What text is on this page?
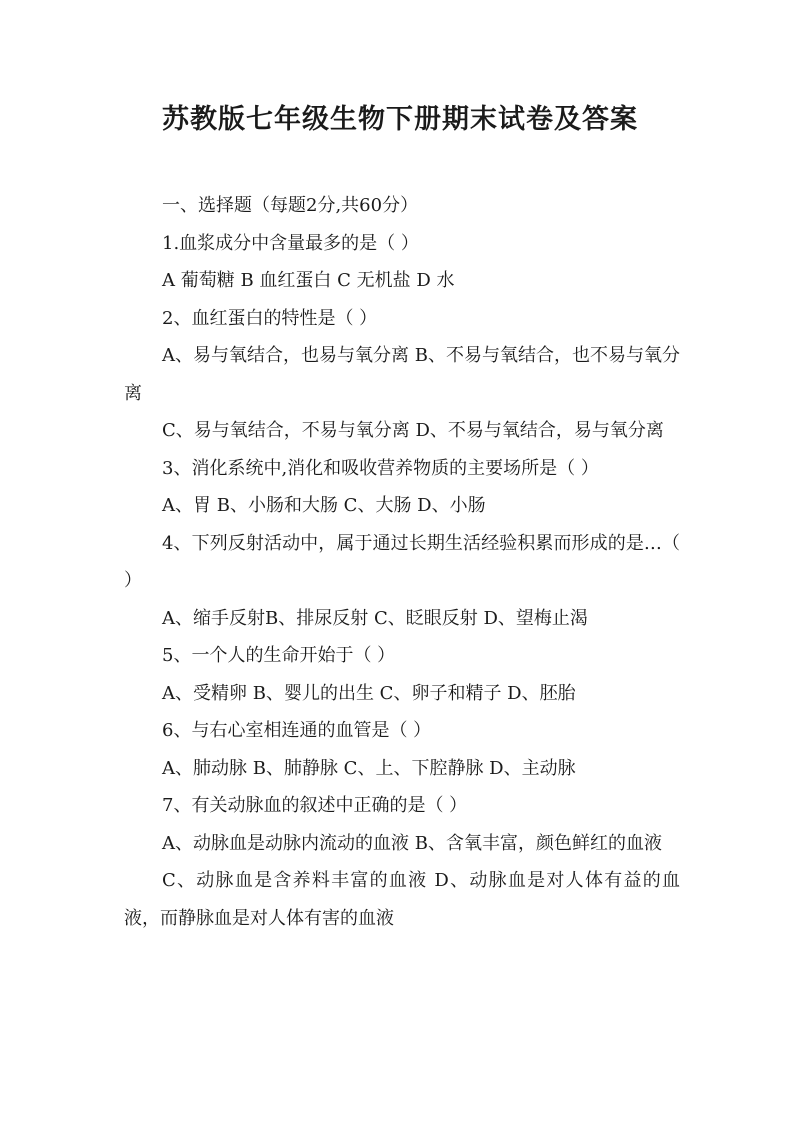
苏教版七年级生物下册期末试卷及答案

一、选择题（每题2分,共60分）

1.血浆成分中含量最多的是（ ）

A 葡萄糖 B 血红蛋白 C 无机盐 D 水

2、血红蛋白的特性是（ ）

A、易与氧结合，也易与氧分离 B、不易与氧结合，也不易与氧分离

C、易与氧结合，不易与氧分离 D、不易与氧结合，易与氧分离

3、消化系统中,消化和吸收营养物质的主要场所是（ ）

A、胃 B、小肠和大肠 C、大肠 D、小肠

4、下列反射活动中，属于通过长期生活经验积累而形成的是…（ ）

A、缩手反射B、排尿反射 C、眨眼反射 D、望梅止渴

5、一个人的生命开始于（ ）

A、受精卵 B、婴儿的出生 C、卵子和精子 D、胚胎

6、与右心室相连通的血管是（ ）

A、肺动脉 B、肺静脉 C、上、下腔静脉 D、主动脉

7、有关动脉血的叙述中正确的是（ ）

A、动脉血是动脉内流动的血液 B、含氧丰富，颜色鲜红的血液

C、动脉血是含养料丰富的血液 D、动脉血是对人体有益的血液，而静脉血是对人体有害的血液
